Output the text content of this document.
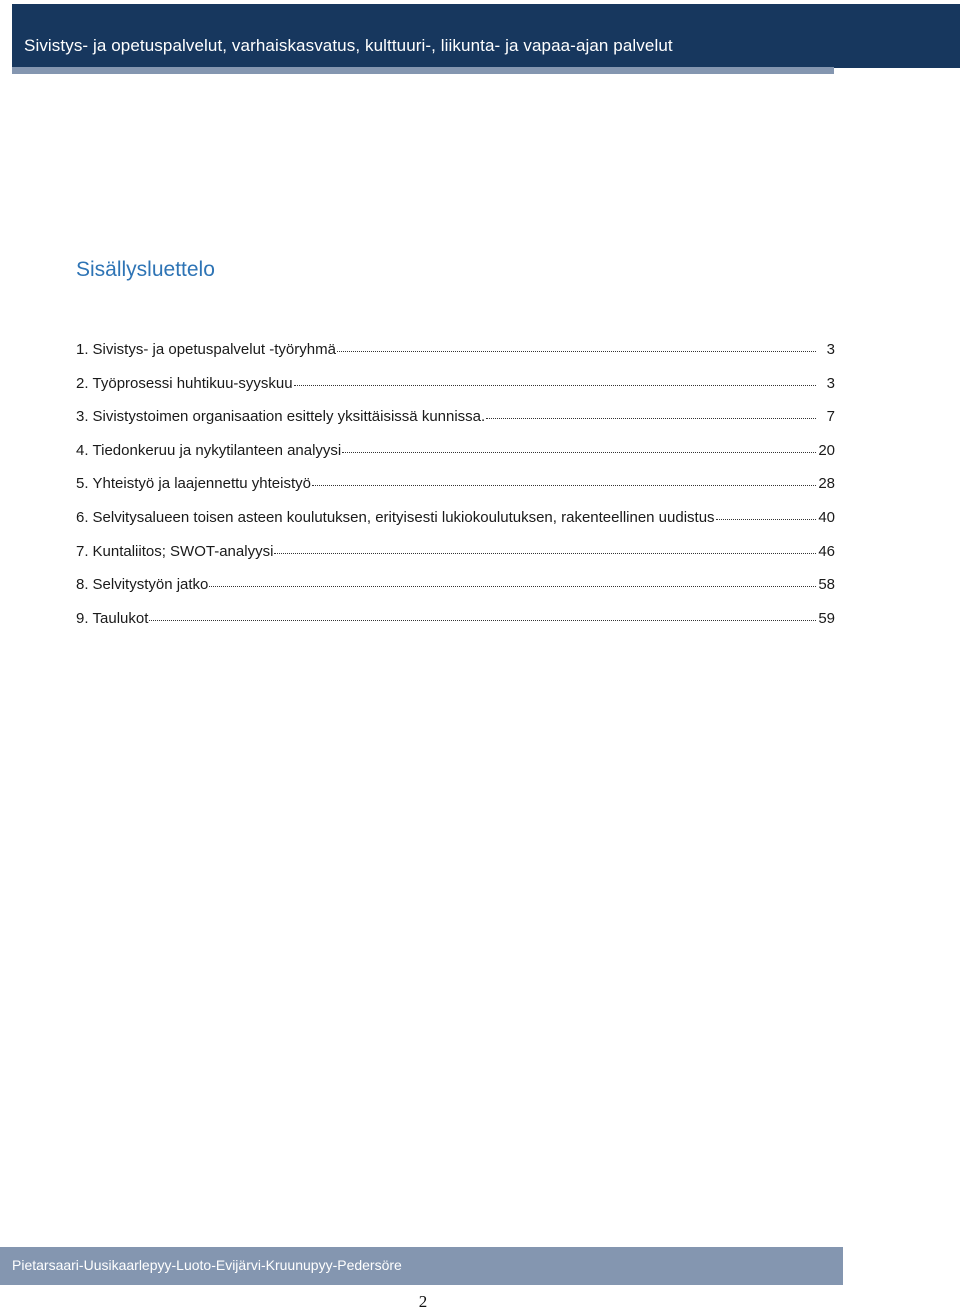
Sivistys- ja opetuspalvelut, varhaiskasvatus, kulttuuri-, liikunta- ja vapaa-ajan palvelut
Sisällysluettelo
1. Sivistys- ja opetuspalvelut -työryhmä	3
2. Työprosessi huhtikuu-syyskuu	3
3. Sivistystoimen organisaation esittely yksittäisissä kunnissa.	7
4. Tiedonkeruu ja nykytilanteen analyysi	20
5. Yhteistyö ja laajennettu yhteistyö	28
6. Selvitysalueen toisen asteen koulutuksen, erityisesti lukiokoulutuksen, rakenteellinen uudistus	40
7. Kuntaliitos; SWOT-analyysi	46
8. Selvitystyön jatko	58
9. Taulukot	59
Pietarsaari-Uusikaarlepyy-Luoto-Evijärvi-Kruunupyy-Pedersöre
2
